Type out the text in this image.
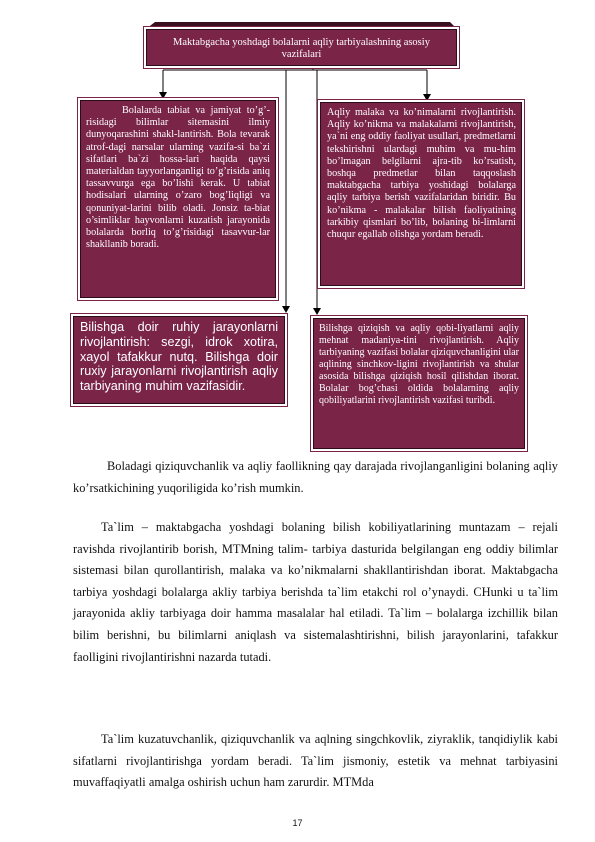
Maktabgacha yoshdagi bolalarni aqliy tarbiyalashning asosiy vazifalari

Bolalarda tabiat va jamiyat to’g’-risidagi bilimlar sitemasini ilmiy dunyoqarashini shakl-lantirish. Bola tevarak atrof-dagi narsalar ularning vazifa-si ba`zi sifatlari ba`zi hossa-lari haqida qaysi materialdan tayyorlanganligi to’g’risida aniq tassavvurga ega bo’lishi kerak. U tabiat hodisalari ularning o’zaro bog’liqligi va qonuniyat-larini bilib oladi. Jonsiz ta-biat o’simliklar hayvonlarni kuzatish jarayonida bolalarda borliq to’g’risidagi tasavvur-lar shakllanib boradi.

Aqliy malaka va ko’nimalarni rivojlantirish. Aqliy ko’nikma va malakalarni rivojlantirish, ya`ni eng oddiy faoliyat usullari, predmetlarni tekshirishni ulardagi muhim va mu-him bo’lmagan belgilarni ajra-tib ko’rsatish, boshqa predmetlar bilan taqqoslash maktabgacha tarbiya yoshidagi bolalarga aqliy tarbiya berish vazifalaridan biridir. Bu ko’nikma - malakalar bilish faoliyatining tarkibiy qismlari bo’lib, bolaning bi-limlarni chuqur egallab olishga yordam beradi.

Bilishga doir ruhiy jarayonlarni rivojlantirish: sezgi, idrok xotira, xayol tafakkur nutq. Bilishga doir ruxiy jarayonlarni rivojlantirish aqliy tarbiyaning muhim vazifasidir.

Bilishga qiziqish va aqliy qobi-liyatlarni aqliy mehnat madaniya-tini rivojlantirish. Aqliy tarbiyaning vazifasi bolalar qiziquvchanligini ular aqlining sinchkov-ligini rivojlantirish va shular asosida bilishga qiziqish hosil qilishdan iborat. Bolalar bog’chasi oldida bolalarning aqliy qobiliyatlarini rivojlantirish vazifasi turibdi.

Boladagi qiziquvchanlik va aqliy faollikning qay darajada rivojlanganligini bolaning aqliy ko’rsatkichining yuqoriligida ko’rish mumkin.

Ta`lim – maktabgacha yoshdagi bolaning bilish kobiliyatlarining muntazam – rejali ravishda rivojlantirib borish, MTMning talim- tarbiya dasturida belgilangan eng oddiy bilimlar sistemasi bilan qurollantirish, malaka va ko’nikmalarni shakllantirishdan iborat. Maktabgacha tarbiya yoshdagi bolalarga akliy tarbiya berishda ta`lim etakchi rol o’ynaydi. CHunki u ta`lim jarayonida akliy tarbiyaga doir hamma masalalar hal etiladi. Ta`lim – bolalarga izchillik bilan bilim berishni, bu bilimlarni aniqlash va sistemalashtirishni, bilish jarayonlarini, tafakkur faolligini rivojlantirishni nazarda tutadi.

Ta`lim kuzatuvchanlik, qiziquvchanlik va aqlning singchkovlik, ziyraklik, tanqidiylik kabi sifatlarni rivojlantirishga yordam beradi. Ta`lim jismoniy, estetik va mehnat tarbiyasini muvaffaqiyatli amalga oshirish uchun ham zarurdir. MTMda

17
